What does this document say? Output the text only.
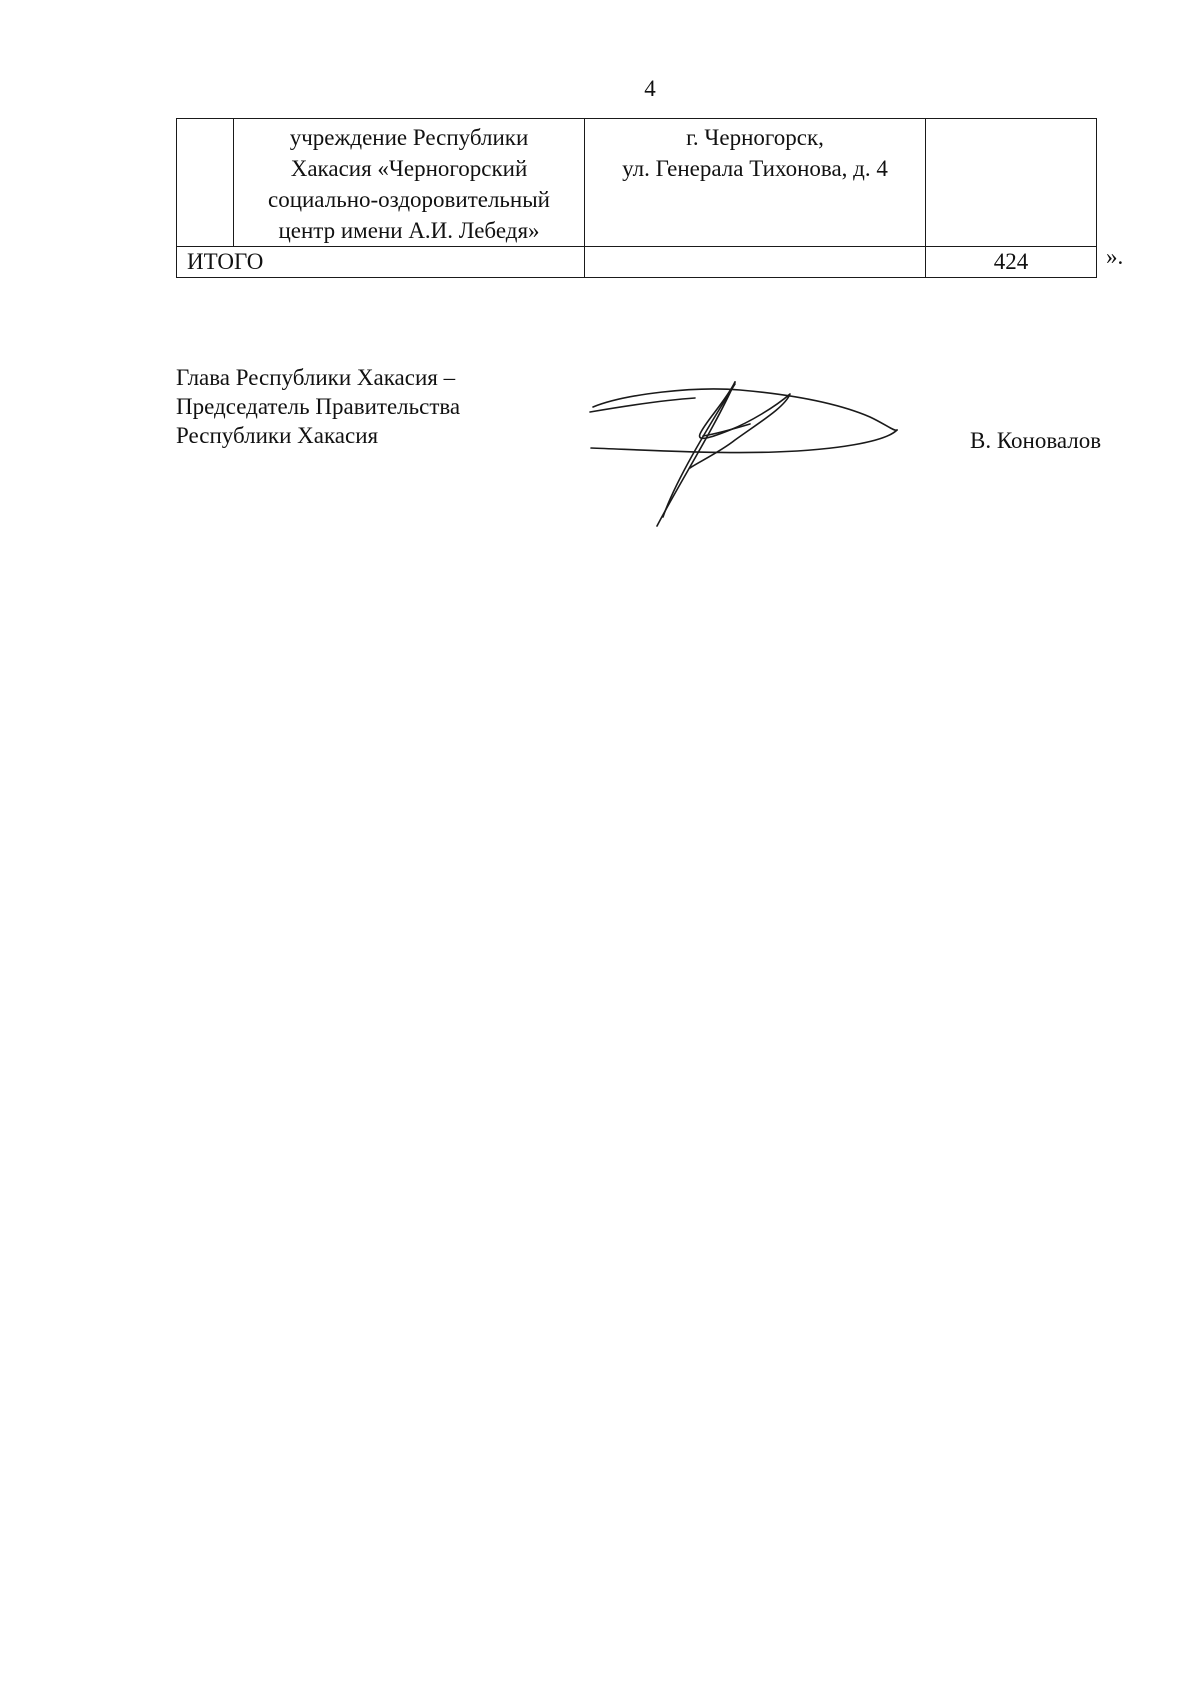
4

	учреждение Республики
Хакасия «Черногорский
социально-оздоровительный
центр имени А.И. Лебедя»	г. Черногорск,
ул. Генерала Тихонова, д. 4	

ИТОГО			424	».
Глава Республики Хакасия –
Председатель Правительства
Республики Хакасия	В. Коновалов
